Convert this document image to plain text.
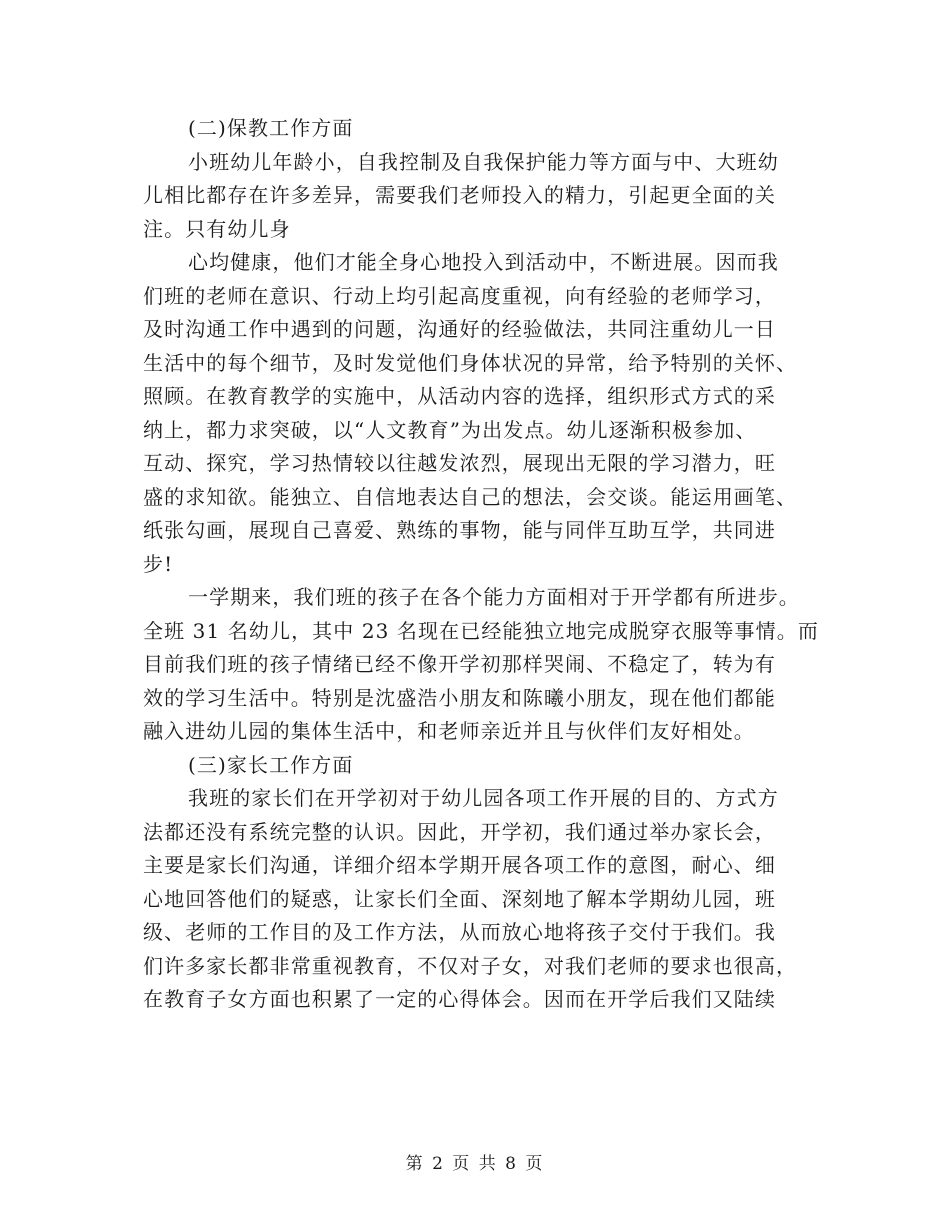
(二)保教工作方面
小班幼儿年龄小，自我控制及自我保护能力等方面与中、大班幼
儿相比都存在许多差异，需要我们老师投入的精力，引起更全面的关
注。只有幼儿身
心均健康，他们才能全身心地投入到活动中，不断进展。因而我
们班的老师在意识、行动上均引起高度重视，向有经验的老师学习，
及时沟通工作中遇到的问题，沟通好的经验做法，共同注重幼儿一日
生活中的每个细节，及时发觉他们身体状况的异常，给予特别的关怀、
照顾。在教育教学的实施中，从活动内容的选择，组织形式方式的采
纳上，都力求突破，以“人文教育”为出发点。幼儿逐渐积极参加、
互动、探究，学习热情较以往越发浓烈，展现出无限的学习潜力，旺
盛的求知欲。能独立、自信地表达自己的想法，会交谈。能运用画笔、
纸张勾画，展现自己喜爱、熟练的事物，能与同伴互助互学，共同进
步!
一学期来，我们班的孩子在各个能力方面相对于开学都有所进步。
全班 31 名幼儿，其中 23 名现在已经能独立地完成脱穿衣服等事情。而
目前我们班的孩子情绪已经不像开学初那样哭闹、不稳定了，转为有
效的学习生活中。特别是沈盛浩小朋友和陈曦小朋友，现在他们都能
融入进幼儿园的集体生活中，和老师亲近并且与伙伴们友好相处。
(三)家长工作方面
我班的家长们在开学初对于幼儿园各项工作开展的目的、方式方
法都还没有系统完整的认识。因此，开学初，我们通过举办家长会，
主要是家长们沟通，详细介绍本学期开展各项工作的意图，耐心、细
心地回答他们的疑惑，让家长们全面、深刻地了解本学期幼儿园，班
级、老师的工作目的及工作方法，从而放心地将孩子交付于我们。我
们许多家长都非常重视教育，不仅对子女，对我们老师的要求也很高，
在教育子女方面也积累了一定的心得体会。因而在开学后我们又陆续
第 2 页 共 8 页
